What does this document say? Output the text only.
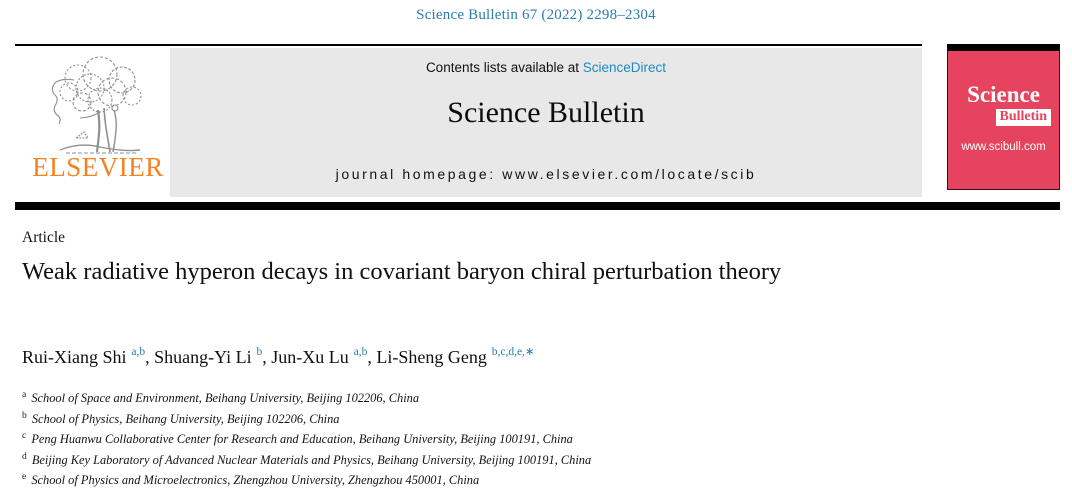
Science Bulletin 67 (2022) 2298–2304
ELSEVIER
Contents lists available at ScienceDirect
Science Bulletin
journal homepage: www.elsevier.com/locate/scib
Science
Bulletin
www.scibull.com
Article
Weak radiative hyperon decays in covariant baryon chiral perturbation theory
Rui-Xiang Shi $^{a,b}$, Shuang-Yi Li $^b$, Jun-Xu Lu $^{a,b}$, Li-Sheng Geng $^{b,c,d,e,∗}$
$^a$ School of Space and Environment, Beihang University, Beijing 102206, China
$^b$ School of Physics, Beihang University, Beijing 102206, China
$^c$ Peng Huanwu Collaborative Center for Research and Education, Beihang University, Beijing 100191, China
$^d$ Beijing Key Laboratory of Advanced Nuclear Materials and Physics, Beihang University, Beijing 100191, China
$^e$ School of Physics and Microelectronics, Zhengzhou University, Zhengzhou 450001, China
